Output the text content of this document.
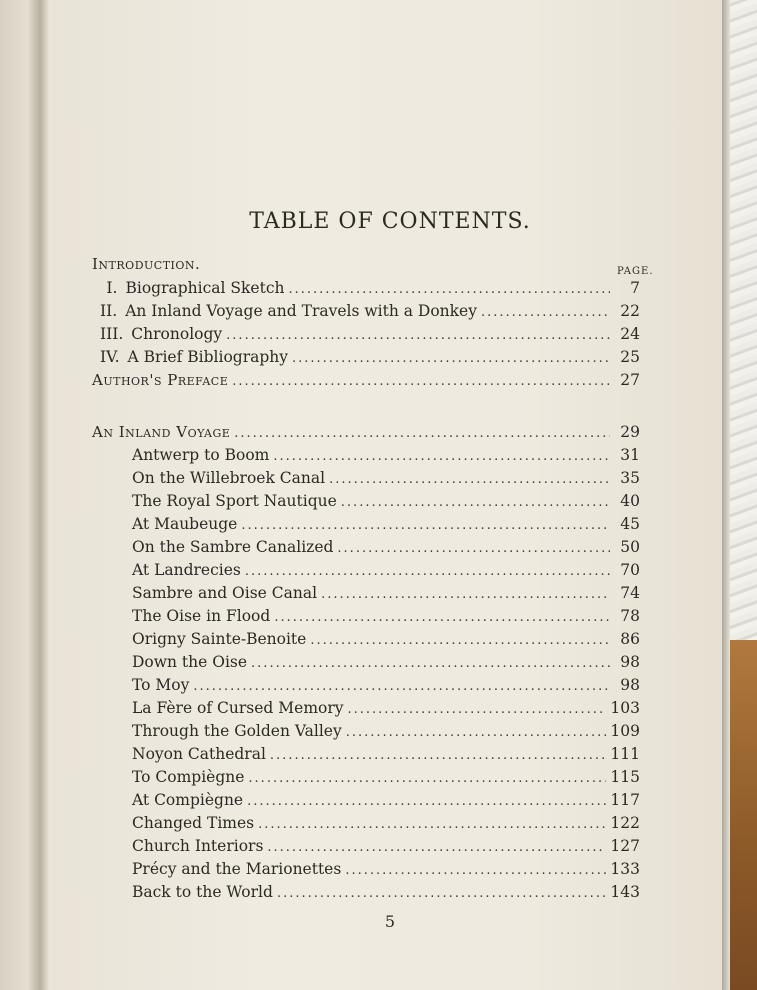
TABLE OF CONTENTS.
Introduction.	PAGE.
I. Biographical Sketch .....	7
II. An Inland Voyage and Travels with a Donkey .....	22
III. Chronology .....	24
IV. A Brief Bibliography .....	25
Author's Preface .....	27
An Inland Voyage .....	29
Antwerp to Boom .....	31
On the Willebroek Canal .....	35
The Royal Sport Nautique .....	40
At Maubeuge .....	45
On the Sambre Canalized .....	50
At Landrecies .....	70
Sambre and Oise Canal .....	74
The Oise in Flood .....	78
Origny Sainte-Benoite .....	86
Down the Oise .....	98
To Moy .....	98
La Fère of Cursed Memory .....	103
Through the Golden Valley .....	109
Noyon Cathedral .....	111
To Compiègne .....	115
At Compiègne .....	117
Changed Times .....	122
Church Interiors .....	127
Précy and the Marionettes .....	133
Back to the World .....	143
5
